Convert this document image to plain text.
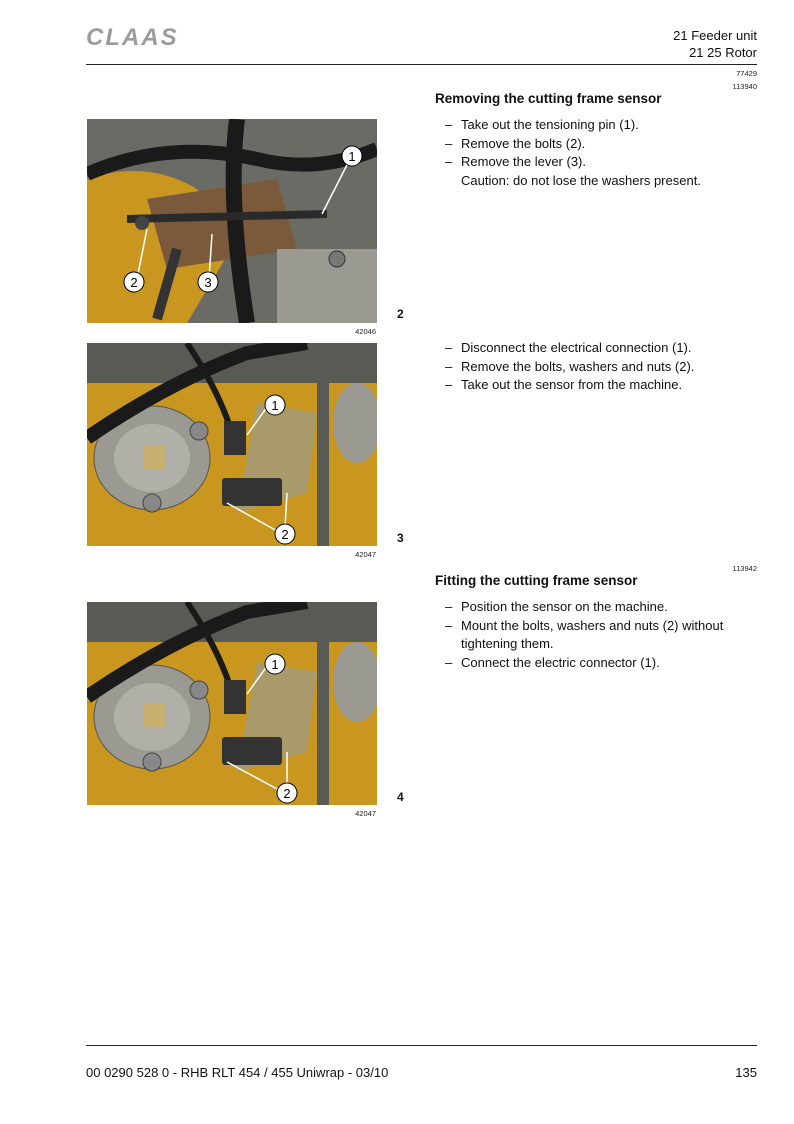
CLAAS	21 Feeder unit
21 25 Rotor
77429
113940
Removing the cutting frame sensor
– Take out the tensioning pin (1).
– Remove the bolts (2).
– Remove the lever (3).
Caution: do not lose the washers present.
– Disconnect the electrical connection (1).
– Remove the bolts, washers and nuts (2).
– Take out the sensor from the machine.
1
2	3
42046
2
1
2
42047
3
113942
Fitting the cutting frame sensor
– Position the sensor on the machine.
– Mount the bolts, washers and nuts (2) without tightening them.
– Connect the electric connector (1).
1
2
42047
4
00 0290 528 0 - RHB RLT 454 / 455 Uniwrap - 03/10	135
